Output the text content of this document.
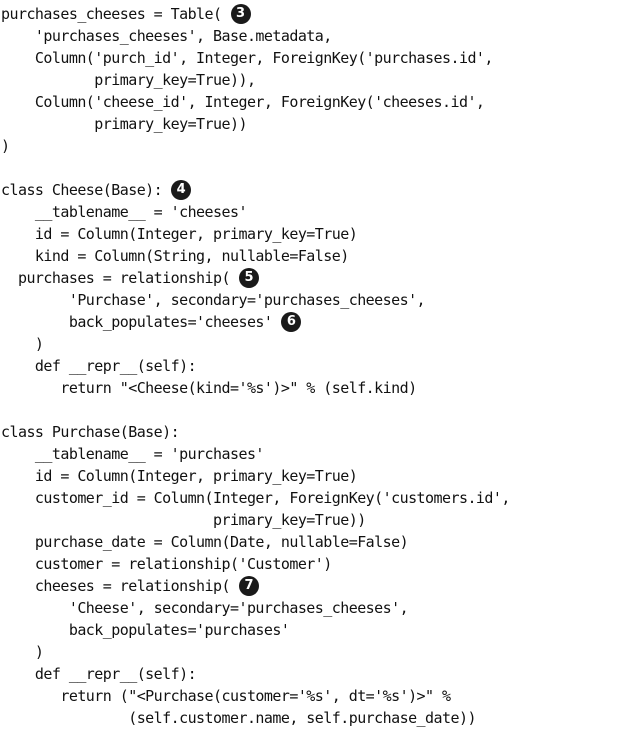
purchases_cheeses = Table( 3
'purchases_cheeses', Base.metadata,
Column('purch_id', Integer, ForeignKey('purchases.id',
primary_key=True)),
Column('cheese_id', Integer, ForeignKey('cheeses.id',
primary_key=True))
)
class Cheese(Base): 4
__tablename__ = 'cheeses'
id = Column(Integer, primary_key=True)
kind = Column(String, nullable=False)
purchases = relationship( 5
'Purchase', secondary='purchases_cheeses',
back_populates='cheeses' 6
)
def __repr__(self):
return "<Cheese(kind='%s')>" % (self.kind)
class Purchase(Base):
__tablename__ = 'purchases'
id = Column(Integer, primary_key=True)
customer_id = Column(Integer, ForeignKey('customers.id',
primary_key=True))
purchase_date = Column(Date, nullable=False)
customer = relationship('Customer')
cheeses = relationship( 7
'Cheese', secondary='purchases_cheeses',
back_populates='purchases'
)
def __repr__(self):
return ("<Purchase(customer='%s', dt='%s')>" %
(self.customer.name, self.purchase_date))
